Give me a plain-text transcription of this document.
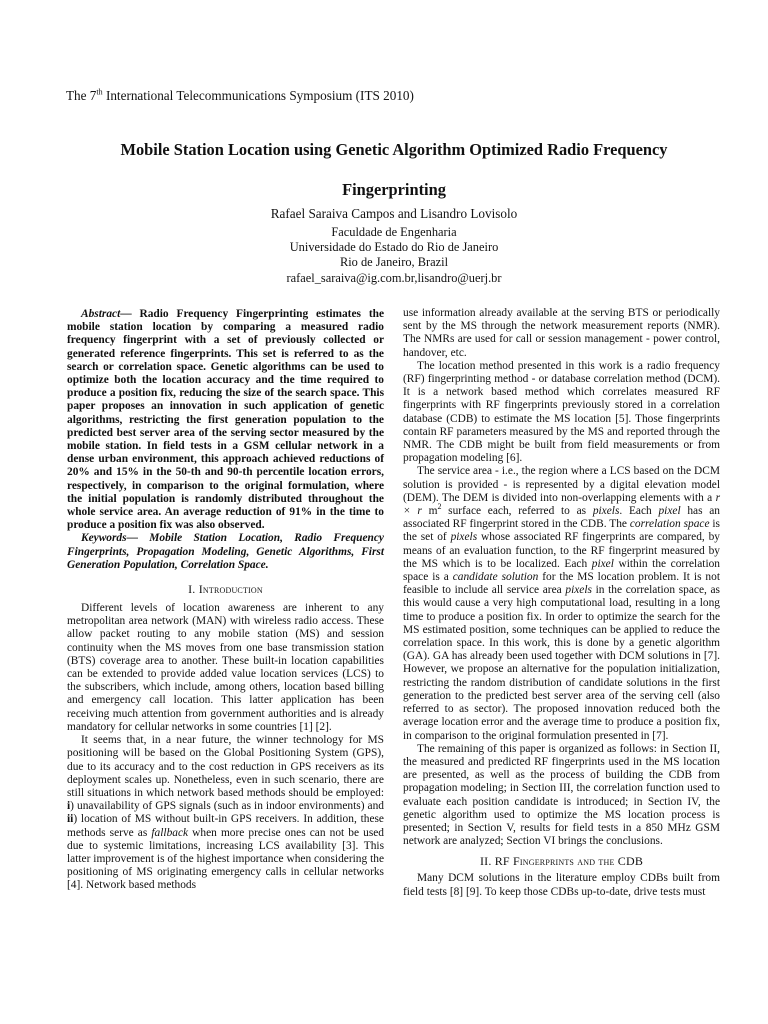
The 7th International Telecommunications Symposium (ITS 2010)
Mobile Station Location using Genetic Algorithm Optimized Radio Frequency
Fingerprinting
Rafael Saraiva Campos and Lisandro Lovisolo
Faculdade de Engenharia
Universidade do Estado do Rio de Janeiro
Rio de Janeiro, Brazil
rafael_saraiva@ig.com.br,lisandro@uerj.br

Abstract— Radio Frequency Fingerprinting estimates the mobile station location by comparing a measured radio frequency fingerprint with a set of previously collected or generated reference fingerprints. This set is referred to as the search or correlation space. Genetic algorithms can be used to optimize both the location accuracy and the time required to produce a position fix, reducing the size of the search space. This paper proposes an innovation in such application of genetic algorithms, restricting the first generation population to the predicted best server area of the serving sector measured by the mobile station. In field tests in a GSM cellular network in a dense urban environment, this approach achieved reductions of 20% and 15% in the 50-th and 90-th percentile location errors, respectively, in comparison to the original formulation, where the initial population is randomly distributed throughout the whole service area. An average reduction of 91% in the time to produce a position fix was also observed.

Keywords— Mobile Station Location, Radio Frequency Fingerprints, Propagation Modeling, Genetic Algorithms, First Generation Population, Correlation Space.

I. Introduction

Different levels of location awareness are inherent to any metropolitan area network (MAN) with wireless radio access. These allow packet routing to any mobile station (MS) and session continuity when the MS moves from one base transmission station (BTS) coverage area to another. These built-in location capabilities can be extended to provide added value location services (LCS) to the subscribers, which include, among others, location based billing and emergency call location. This latter application has been receiving much attention from government authorities and is already mandatory for cellular networks in some countries [1] [2].

It seems that, in a near future, the winner technology for MS positioning will be based on the Global Positioning System (GPS), due to its accuracy and to the cost reduction in GPS receivers as its deployment scales up. Nonetheless, even in such scenario, there are still situations in which network based methods should be employed: i) unavailability of GPS signals (such as in indoor environments) and ii) location of MS without built-in GPS receivers. In addition, these methods serve as fallback when more precise ones can not be used due to systemic limitations, increasing LCS availability [3]. This latter improvement is of the highest importance when considering the positioning of MS originating emergency calls in cellular networks [4]. Network based methods

use information already available at the serving BTS or periodically sent by the MS through the network measurement reports (NMR). The NMRs are used for call or session management - power control, handover, etc.

The location method presented in this work is a radio frequency (RF) fingerprinting method - or database correlation method (DCM). It is a network based method which correlates measured RF fingerprints with RF fingerprints previously stored in a correlation database (CDB) to estimate the MS location [5]. Those fingerprints contain RF parameters measured by the MS and reported through the NMR. The CDB might be built from field measurements or from propagation modeling [6].

The service area - i.e., the region where a LCS based on the DCM solution is provided - is represented by a digital elevation model (DEM). The DEM is divided into non-overlapping elements with a r × r $m^2$ surface each, referred to as pixels. Each pixel has an associated RF fingerprint stored in the CDB. The correlation space is the set of pixels whose associated RF fingerprints are compared, by means of an evaluation function, to the RF fingerprint measured by the MS which is to be localized. Each pixel within the correlation space is a candidate solution for the MS location problem. It is not feasible to include all service area pixels in the correlation space, as this would cause a very high computational load, resulting in a long time to produce a position fix. In order to optimize the search for the MS estimated position, some techniques can be applied to reduce the correlation space. In this work, this is done by a genetic algorithm (GA). GA has already been used together with DCM solutions in [7]. However, we propose an alternative for the population initialization, restricting the random distribution of candidate solutions in the first generation to the predicted best server area of the serving cell (also referred to as sector). The proposed innovation reduced both the average location error and the average time to produce a position fix, in comparison to the original formulation presented in [7].

The remaining of this paper is organized as follows: in Section II, the measured and predicted RF fingerprints used in the MS location are presented, as well as the process of building the CDB from propagation modeling; in Section III, the correlation function used to evaluate each position candidate is introduced; in Section IV, the genetic algorithm used to optimize the MS location process is presented; in Section V, results for field tests in a 850 MHz GSM network are analyzed; Section VI brings the conclusions.

II. RF Fingerprints and the CDB

Many DCM solutions in the literature employ CDBs built from field tests [8] [9]. To keep those CDBs up-to-date, drive tests must
